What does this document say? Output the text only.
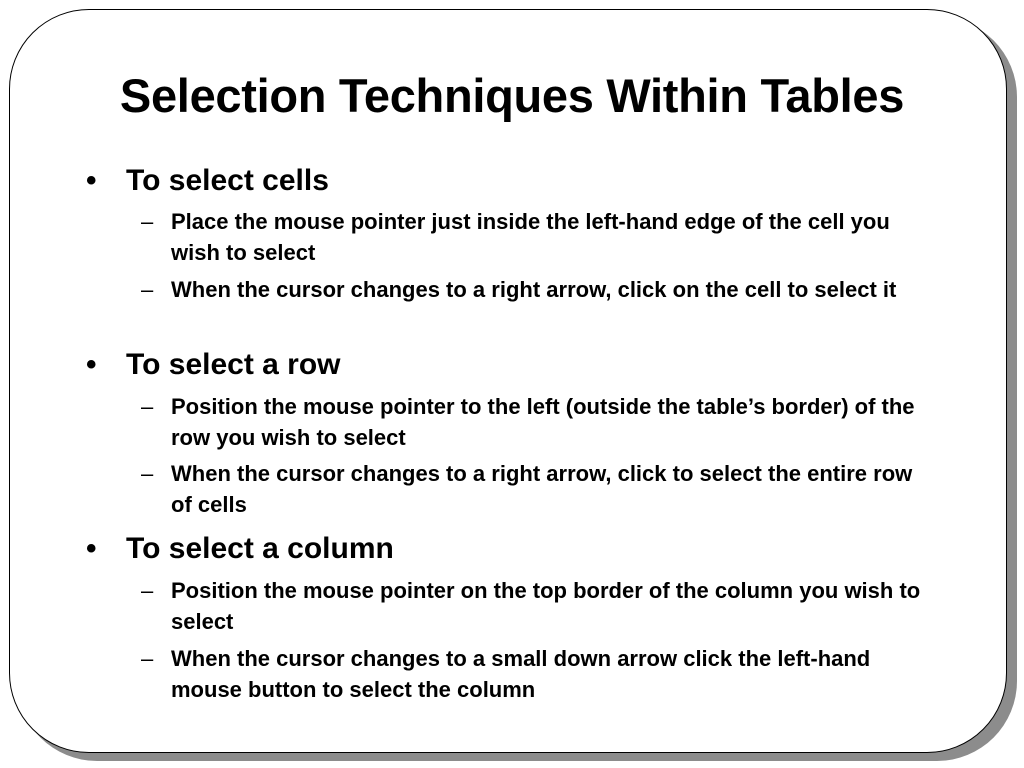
Selection Techniques Within Tables
• To select cells
– Place the mouse pointer just inside the left-hand edge of the cell you wish to select
– When the cursor changes to a right arrow, click on the cell to select it
• To select a row
– Position the mouse pointer to the left (outside the table’s border) of the row you wish to select
– When the cursor changes to a right arrow, click to select the entire row of cells
• To select a column
– Position the mouse pointer on the top border of the column you wish to select
– When the cursor changes to a small down arrow click the left-hand mouse button to select the column
